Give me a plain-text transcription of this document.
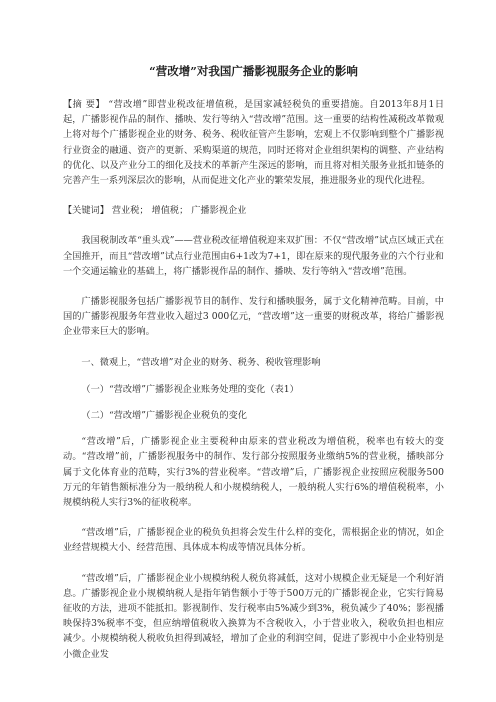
“营改增”对我国广播影视服务企业的影响

【摘 要】 “营改增”即营业税改征增值税，是国家减轻税负的重要措施。自2013年8月1日起，广播影视作品的制作、播映、发行等纳入“营改增”范围。这一重要的结构性减税改革微观上将对每个广播影视企业的财务、税务、税收征管产生影响，宏观上不仅影响到整个广播影视行业资金的融通、资产的更新、采购渠道的规范，同时还将对企业组织架构的调整、产业结构的优化、以及产业分工的细化及技术的革新产生深远的影响，而且将对相关服务业抵扣链条的完善产生一系列深层次的影响，从而促进文化产业的繁荣发展，推进服务业的现代化进程。

【关键词】 营业税； 增值税； 广播影视企业

我国税制改革“重头戏”——营业税改征增值税迎来双扩围：不仅“营改增”试点区域正式在全国推开，而且“营改增”试点行业范围由6+1改为7+1，即在原来的现代服务业的六个行业和一个交通运输业的基础上，将广播影视作品的制作、播映、发行等纳入“营改增”范围。

广播影视服务包括广播影视节目的制作、发行和播映服务，属于文化精神范畴。目前，中国的广播影视服务年营业收入超过3 000亿元，“营改增”这一重要的财税改革，将给广播影视企业带来巨大的影响。

一、微观上，“营改增”对企业的财务、税务、税收管理影响

（一）“营改增”广播影视企业账务处理的变化（表1）

（二）“营改增”广播影视企业税负的变化

“营改增”后，广播影视企业主要税种由原来的营业税改为增值税，税率也有较大的变动。“营改增”前，广播影视服务中的制作、发行部分按照服务业缴纳5%的营业税，播映部分属于文化体育业的范畴，实行3%的营业税率。“营改增”后，广播影视企业按照应税服务500万元的年销售额标准分为一般纳税人和小规模纳税人，一般纳税人实行6%的增值税税率，小规模纳税人实行3%的征收税率。

“营改增”后，广播影视企业的税负负担将会发生什么样的变化，需根据企业的情况，如企业经营规模大小、经营范围、具体成本构成等情况具体分析。

“营改增”后，广播影视企业小规模纳税人税负将减低，这对小规模企业无疑是一个利好消息。广播影视企业小规模纳税人是指年销售额小于等于500万元的广播影视企业，它实行简易征收的方法，进项不能抵扣。影视制作、发行税率由5%减少到3%，税负减少了40%；影视播映保持3%税率不变，但应纳增值税收入换算为不含税收入，小于营业收入，税收负担也相应减少。小规模纳税人税收负担得到减轻，增加了企业的利润空间，促进了影视中小企业特别是小微企业发
